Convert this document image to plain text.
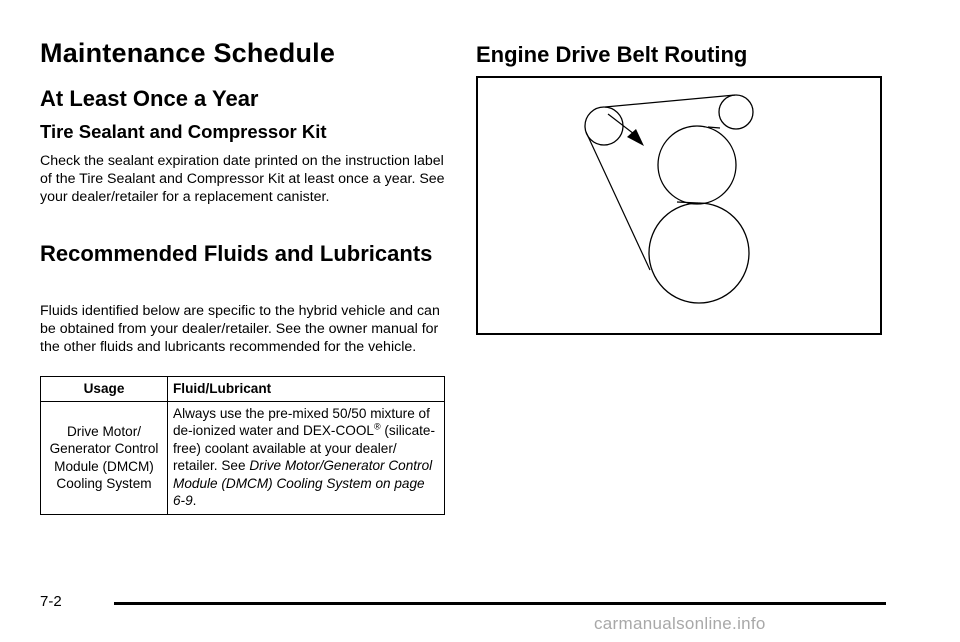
Maintenance Schedule
At Least Once a Year
Tire Sealant and Compressor Kit

Check the sealant expiration date printed on the instruction label of the Tire Sealant and Compressor Kit at least once a year. See your dealer/retailer for a replacement canister.

Recommended Fluids and Lubricants

Fluids identified below are specific to the hybrid vehicle and can be obtained from your dealer/retailer. See the owner manual for the other fluids and lubricants recommended for the vehicle.

Usage	Fluid/Lubricant
Drive Motor/ Generator Control Module (DMCM) Cooling System	Always use the pre-mixed 50/50 mixture of de-ionized water and DEX-COOL® (silicate-free) coolant available at your dealer/ retailer. See Drive Motor/Generator Control Module (DMCM) Cooling System on page 6-9.
Engine Drive Belt Routing
7-2
carmanualsonline.info
